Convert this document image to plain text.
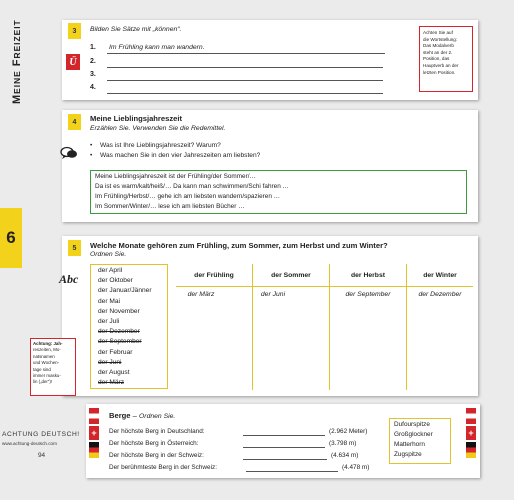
MEINE FREIZEIT
6
3	Bilden Sie Sätze mit „können“.
Ü
1. Im Frühling kann man wandern.
2.
3.
4.
Achten Sie auf
die Wortstellung:
Das Modalverb
steht an der 2.
Position, das
Hauptverb an der
letzten Position.
4	Meine Lieblingsjahreszeit
Erzählen Sie. Verwenden Sie die Redemittel.
• Was ist Ihre Lieblingsjahreszeit? Warum?
• Was machen Sie in den vier Jahreszeiten am liebsten?
Meine Lieblingsjahreszeit ist der Frühling/der Sommer/…
Da ist es warm/kalt/heiß/… Da kann man schwimmen/Schi fahren …
Im Frühling/Herbst/… gehe ich am liebsten wandern/spazieren …
Im Sommer/Winter/… lese ich am liebsten Bücher …
5	Welche Monate gehören zum Frühling, zum Sommer, zum Herbst und zum Winter?
Ordnen Sie.
Abc
der April
der Oktober
der Januar/Jänner
der Mai
der November
der Juli
der Dezember
der September
der Februar
der Juni
der August
der März
der Frühling	der Sommer	der Herbst	der Winter
der März	der Juni	der September	der Dezember
Achtung: Jah-
reszeiten, Mo-
natsnamen
und Wochen-
tage sind
immer masku-
lin („der“)!
+	+
Berge – Ordnen Sie.
Der höchste Berg in Deutschland:	(2.962 Meter)
Der höchste Berg in Österreich:	(3.798 m)
Der höchste Berg in der Schweiz:	(4.634 m)
Der berühmteste Berg in der Schweiz:	(4.478 m)
Dufourspitze
Großglockner
Matterhorn
Zugspitze
ACHTUNG DEUTSCH!
www.achtung-deutsch.com
94
